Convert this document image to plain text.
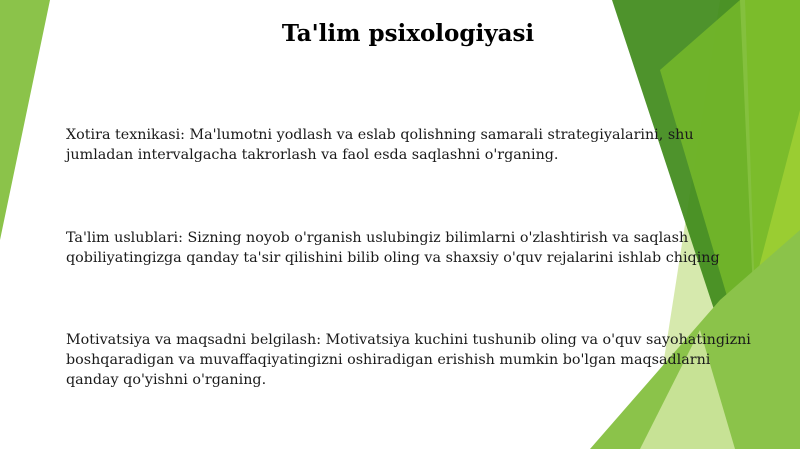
Ta'lim psixologiyasi
Xotira texnikasi: Ma'lumotni yodlash va eslab qolishning samarali strategiyalarini, shu jumladan intervalgacha takrorlash va faol esda saqlashni o'rganing.
Ta'lim uslublari: Sizning noyob o'rganish uslubingiz bilimlarni o'zlashtirish va saqlash qobiliyatingizga qanday ta'sir qilishini bilib oling va shaxsiy o'quv rejalarini ishlab chiqing
Motivatsiya va maqsadni belgilash: Motivatsiya kuchini tushunib oling va o'quv sayohatingizni boshqaradigan va muvaffaqiyatingizni oshiradigan erishish mumkin bo'lgan maqsadlarni qanday qo'yishni o'rganing.
